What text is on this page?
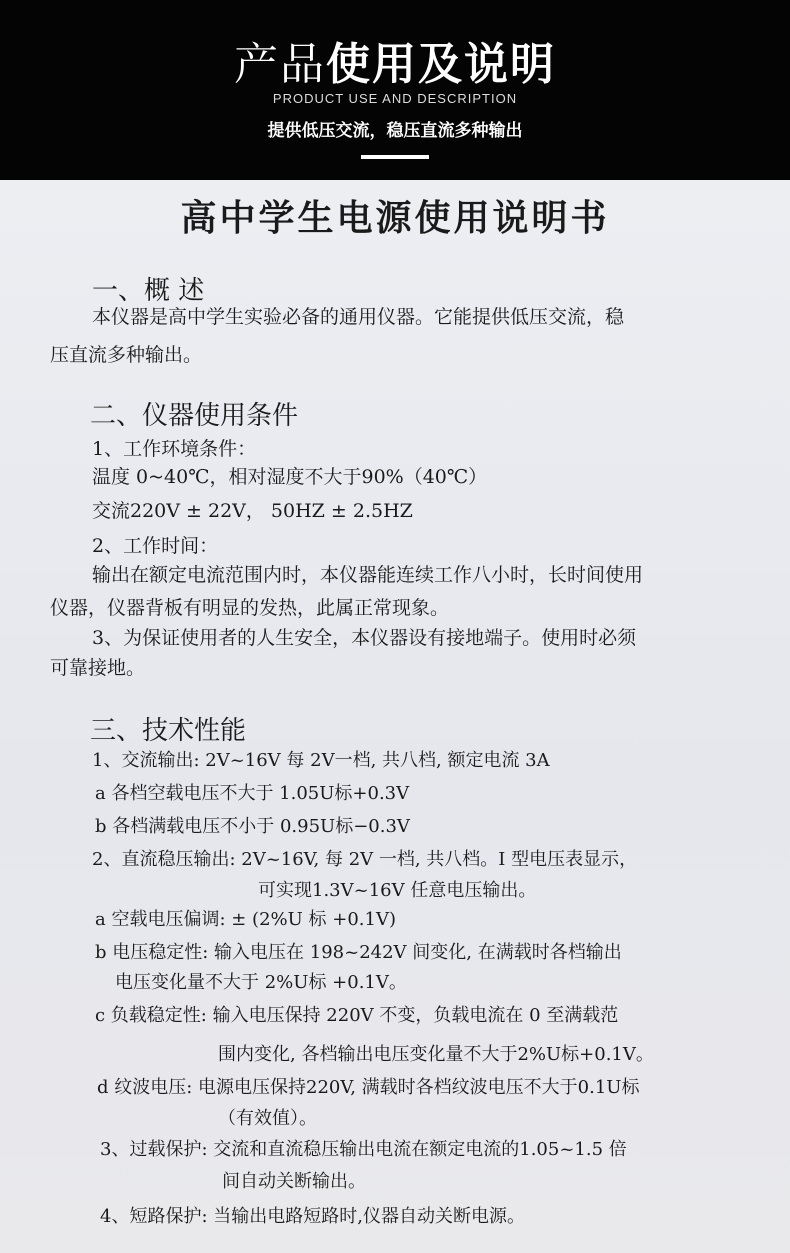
产品使用及说明
PRODUCT USE AND DESCRIPTION
提供低压交流，稳压直流多种输出
高中学生电源使用说明书
一、概 述
本仪器是高中学生实验必备的通用仪器。它能提供低压交流，稳
压直流多种输出。
二、仪器使用条件
1、工作环境条件：
温度 0~40℃，相对湿度不大于90%（40℃）
交流220V ± 22V， 50HZ ± 2.5HZ
2、工作时间：
输出在额定电流范围内时，本仪器能连续工作八小时，长时间使用
仪器，仪器背板有明显的发热，此属正常现象。
3、为保证使用者的人生安全，本仪器设有接地端子。使用时必须
可靠接地。
三、技术性能
1、交流输出: 2V~16V 每 2V一档, 共八档, 额定电流 3A
a 各档空载电压不大于 1.05U标+0.3V
b 各档满载电压不小于 0.95U标−0.3V
2、直流稳压输出: 2V~16V, 每 2V 一档, 共八档。I 型电压表显示，
可实现1.3V~16V 任意电压输出。
a 空载电压偏调: ± (2%U 标 +0.1V)
b 电压稳定性: 输入电压在 198~242V 间变化, 在满载时各档输出
电压变化量不大于 2%U标 +0.1V。
c 负载稳定性: 输入电压保持 220V 不变，负载电流在 0 至满载范
围内变化, 各档输出电压变化量不大于2%U标+0.1V。
d 纹波电压: 电源电压保持220V, 满载时各档纹波电压不大于0.1U标
（有效值）。
3、过载保护: 交流和直流稳压输出电流在额定电流的1.05~1.5 倍
间自动关断输出。
4、短路保护: 当输出电路短路时,仪器自动关断电源。
